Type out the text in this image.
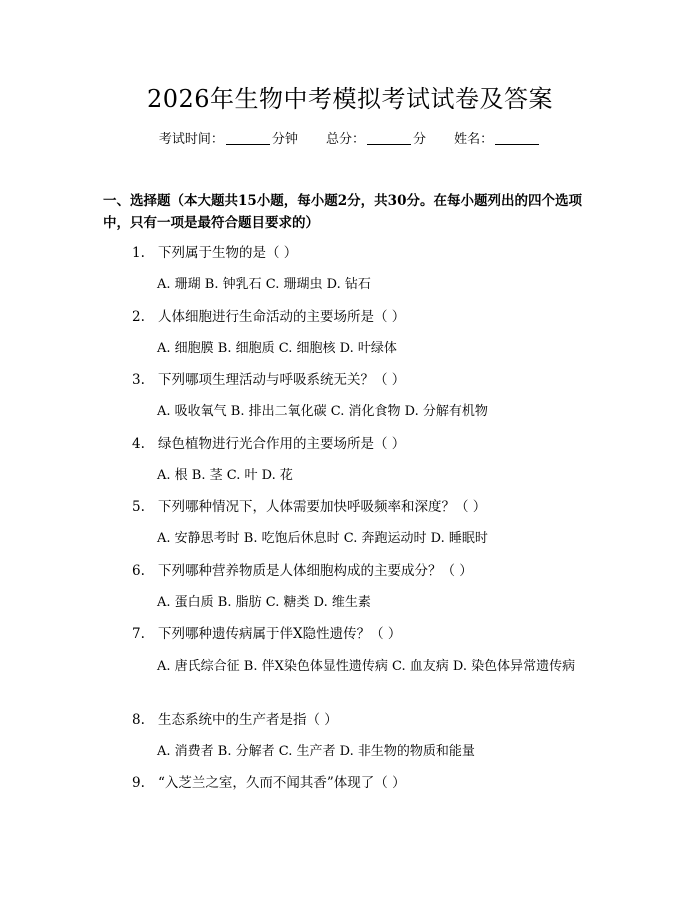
2026年生物中考模拟考试试卷及答案
考试时间：	分钟 总分：	分 姓名：
一、选择题（本大题共15小题，每小题2分，共30分。在每小题列出的四个选项中，只有一项是最符合题目要求的）
1. 下列属于生物的是（ ）
A. 珊瑚 B. 钟乳石 C. 珊瑚虫 D. 钻石
2. 人体细胞进行生命活动的主要场所是（ ）
A. 细胞膜 B. 细胞质 C. 细胞核 D. 叶绿体
3. 下列哪项生理活动与呼吸系统无关？（ ）
A. 吸收氧气 B. 排出二氧化碳 C. 消化食物 D. 分解有机物
4. 绿色植物进行光合作用的主要场所是（ ）
A. 根 B. 茎 C. 叶 D. 花
5. 下列哪种情况下，人体需要加快呼吸频率和深度？（ ）
A. 安静思考时 B. 吃饱后休息时 C. 奔跑运动时 D. 睡眠时
6. 下列哪种营养物质是人体细胞构成的主要成分？（ ）
A. 蛋白质 B. 脂肪 C. 糖类 D. 维生素
7. 下列哪种遗传病属于伴X隐性遗传？（ ）
A. 唐氏综合征 B. 伴X染色体显性遗传病 C. 血友病 D. 染色体异常遗传病
8. 生态系统中的生产者是指（ ）
A. 消费者 B. 分解者 C. 生产者 D. 非生物的物质和能量
9. “入芝兰之室，久而不闻其香”体现了（ ）
